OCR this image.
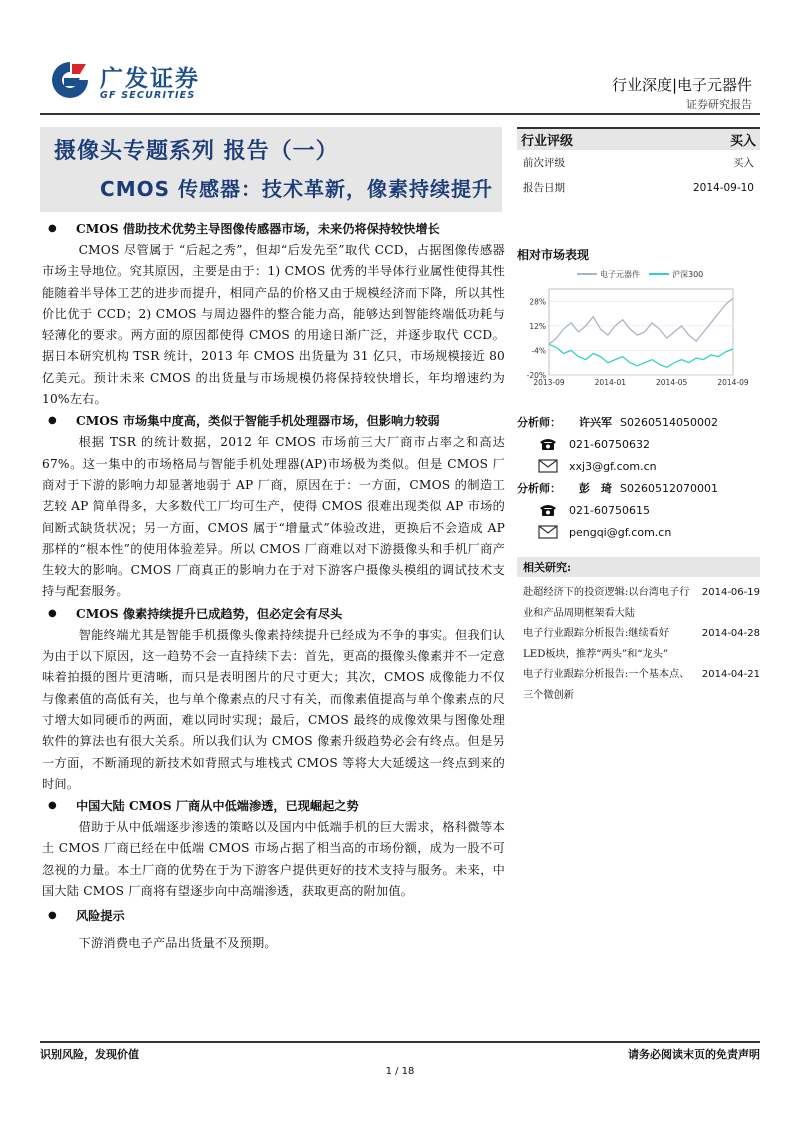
广发证券
GF SECURITIES
行业深度|电子元器件
证券研究报告
摄像头专题系列 报告（一）
CMOS 传感器：技术革新，像素持续提升

● CMOS 借助技术优势主导图像传感器市场，未来仍将保持较快增长

CMOS 尽管属于 “后起之秀”，但却“后发先至”取代 CCD，占据图像传感器市场主导地位。究其原因，主要是由于：1) CMOS 优秀的半导体行业属性使得其性能随着半导体工艺的进步而提升，相同产品的价格又由于规模经济而下降，所以其性价比优于 CCD；2) CMOS 与周边器件的整合能力高，能够达到智能终端低功耗与轻薄化的要求。两方面的原因都使得 CMOS 的用途日渐广泛，并逐步取代 CCD。据日本研究机构 TSR 统计，2013 年 CMOS 出货量为 31 亿只，市场规模接近 80 亿美元。预计未来 CMOS 的出货量与市场规模仍将保持较快增长，年均增速约为 10%左右。

● CMOS 市场集中度高，类似于智能手机处理器市场，但影响力较弱

根据 TSR 的统计数据，2012 年 CMOS 市场前三大厂商市占率之和高达 67%。这一集中的市场格局与智能手机处理器(AP)市场极为类似。但是 CMOS 厂商对于下游的影响力却显著地弱于 AP 厂商，原因在于：一方面，CMOS 的制造工艺较 AP 简单得多，大多数代工厂均可生产，使得 CMOS 很难出现类似 AP 市场的间断式缺货状况；另一方面，CMOS 属于“增量式”体验改进，更换后不会造成 AP 那样的“根本性”的使用体验差异。所以 CMOS 厂商难以对下游摄像头和手机厂商产生较大的影响。CMOS 厂商真正的影响力在于对下游客户摄像头模组的调试技术支持与配套服务。

● CMOS 像素持续提升已成趋势，但必定会有尽头

智能终端尤其是智能手机摄像头像素持续提升已经成为不争的事实。但我们认为由于以下原因，这一趋势不会一直持续下去：首先，更高的摄像头像素并不一定意味着拍摄的图片更清晰，而只是表明图片的尺寸更大；其次，CMOS 成像能力不仅与像素值的高低有关，也与单个像素点的尺寸有关，而像素值提高与单个像素点的尺寸增大如同硬币的两面，难以同时实现；最后，CMOS 最终的成像效果与图像处理软件的算法也有很大关系。所以我们认为 CMOS 像素升级趋势必会有终点。但是另一方面，不断涌现的新技术如背照式与堆栈式 CMOS 等将大大延缓这一终点到来的时间。

● 中国大陆 CMOS 厂商从中低端渗透，已现崛起之势

借助于从中低端逐步渗透的策略以及国内中低端手机的巨大需求，格科微等本土 CMOS 厂商已经在中低端 CMOS 市场占据了相当高的市场份额，成为一股不可忽视的力量。本土厂商的优势在于为下游客户提供更好的技术支持与服务。未来，中国大陆 CMOS 厂商将有望逐步向中高端渗透，获取更高的附加值。

● 风险提示

下游消费电子产品出货量不及预期。

行业评级	买入
前次评级	买入
报告日期	2014-09-10
相对市场表现
电子元器件	沪深300
28%
12%
-4%
-20%
2013-09	2014-01	2014-05	2014-09
分析师：	许兴军 S0260514050002
021-60750632
xxj3@gf.com.cn
分析师：	彭　琦 S0260512070001
021-60750615
pengqi@gf.com.cn
相关研究:
赴超经济下的投资逻辑:以台湾电子行业和产品周期框架看大陆
2014-06-19
电子行业跟踪分析报告:继续看好LED板块，推荐“两头”和“龙头”
2014-04-28
电子行业跟踪分析报告:一个基本点、三个微创新
2014-04-21
识别风险，发现价值	请务必阅读末页的免责声明
1 / 18
